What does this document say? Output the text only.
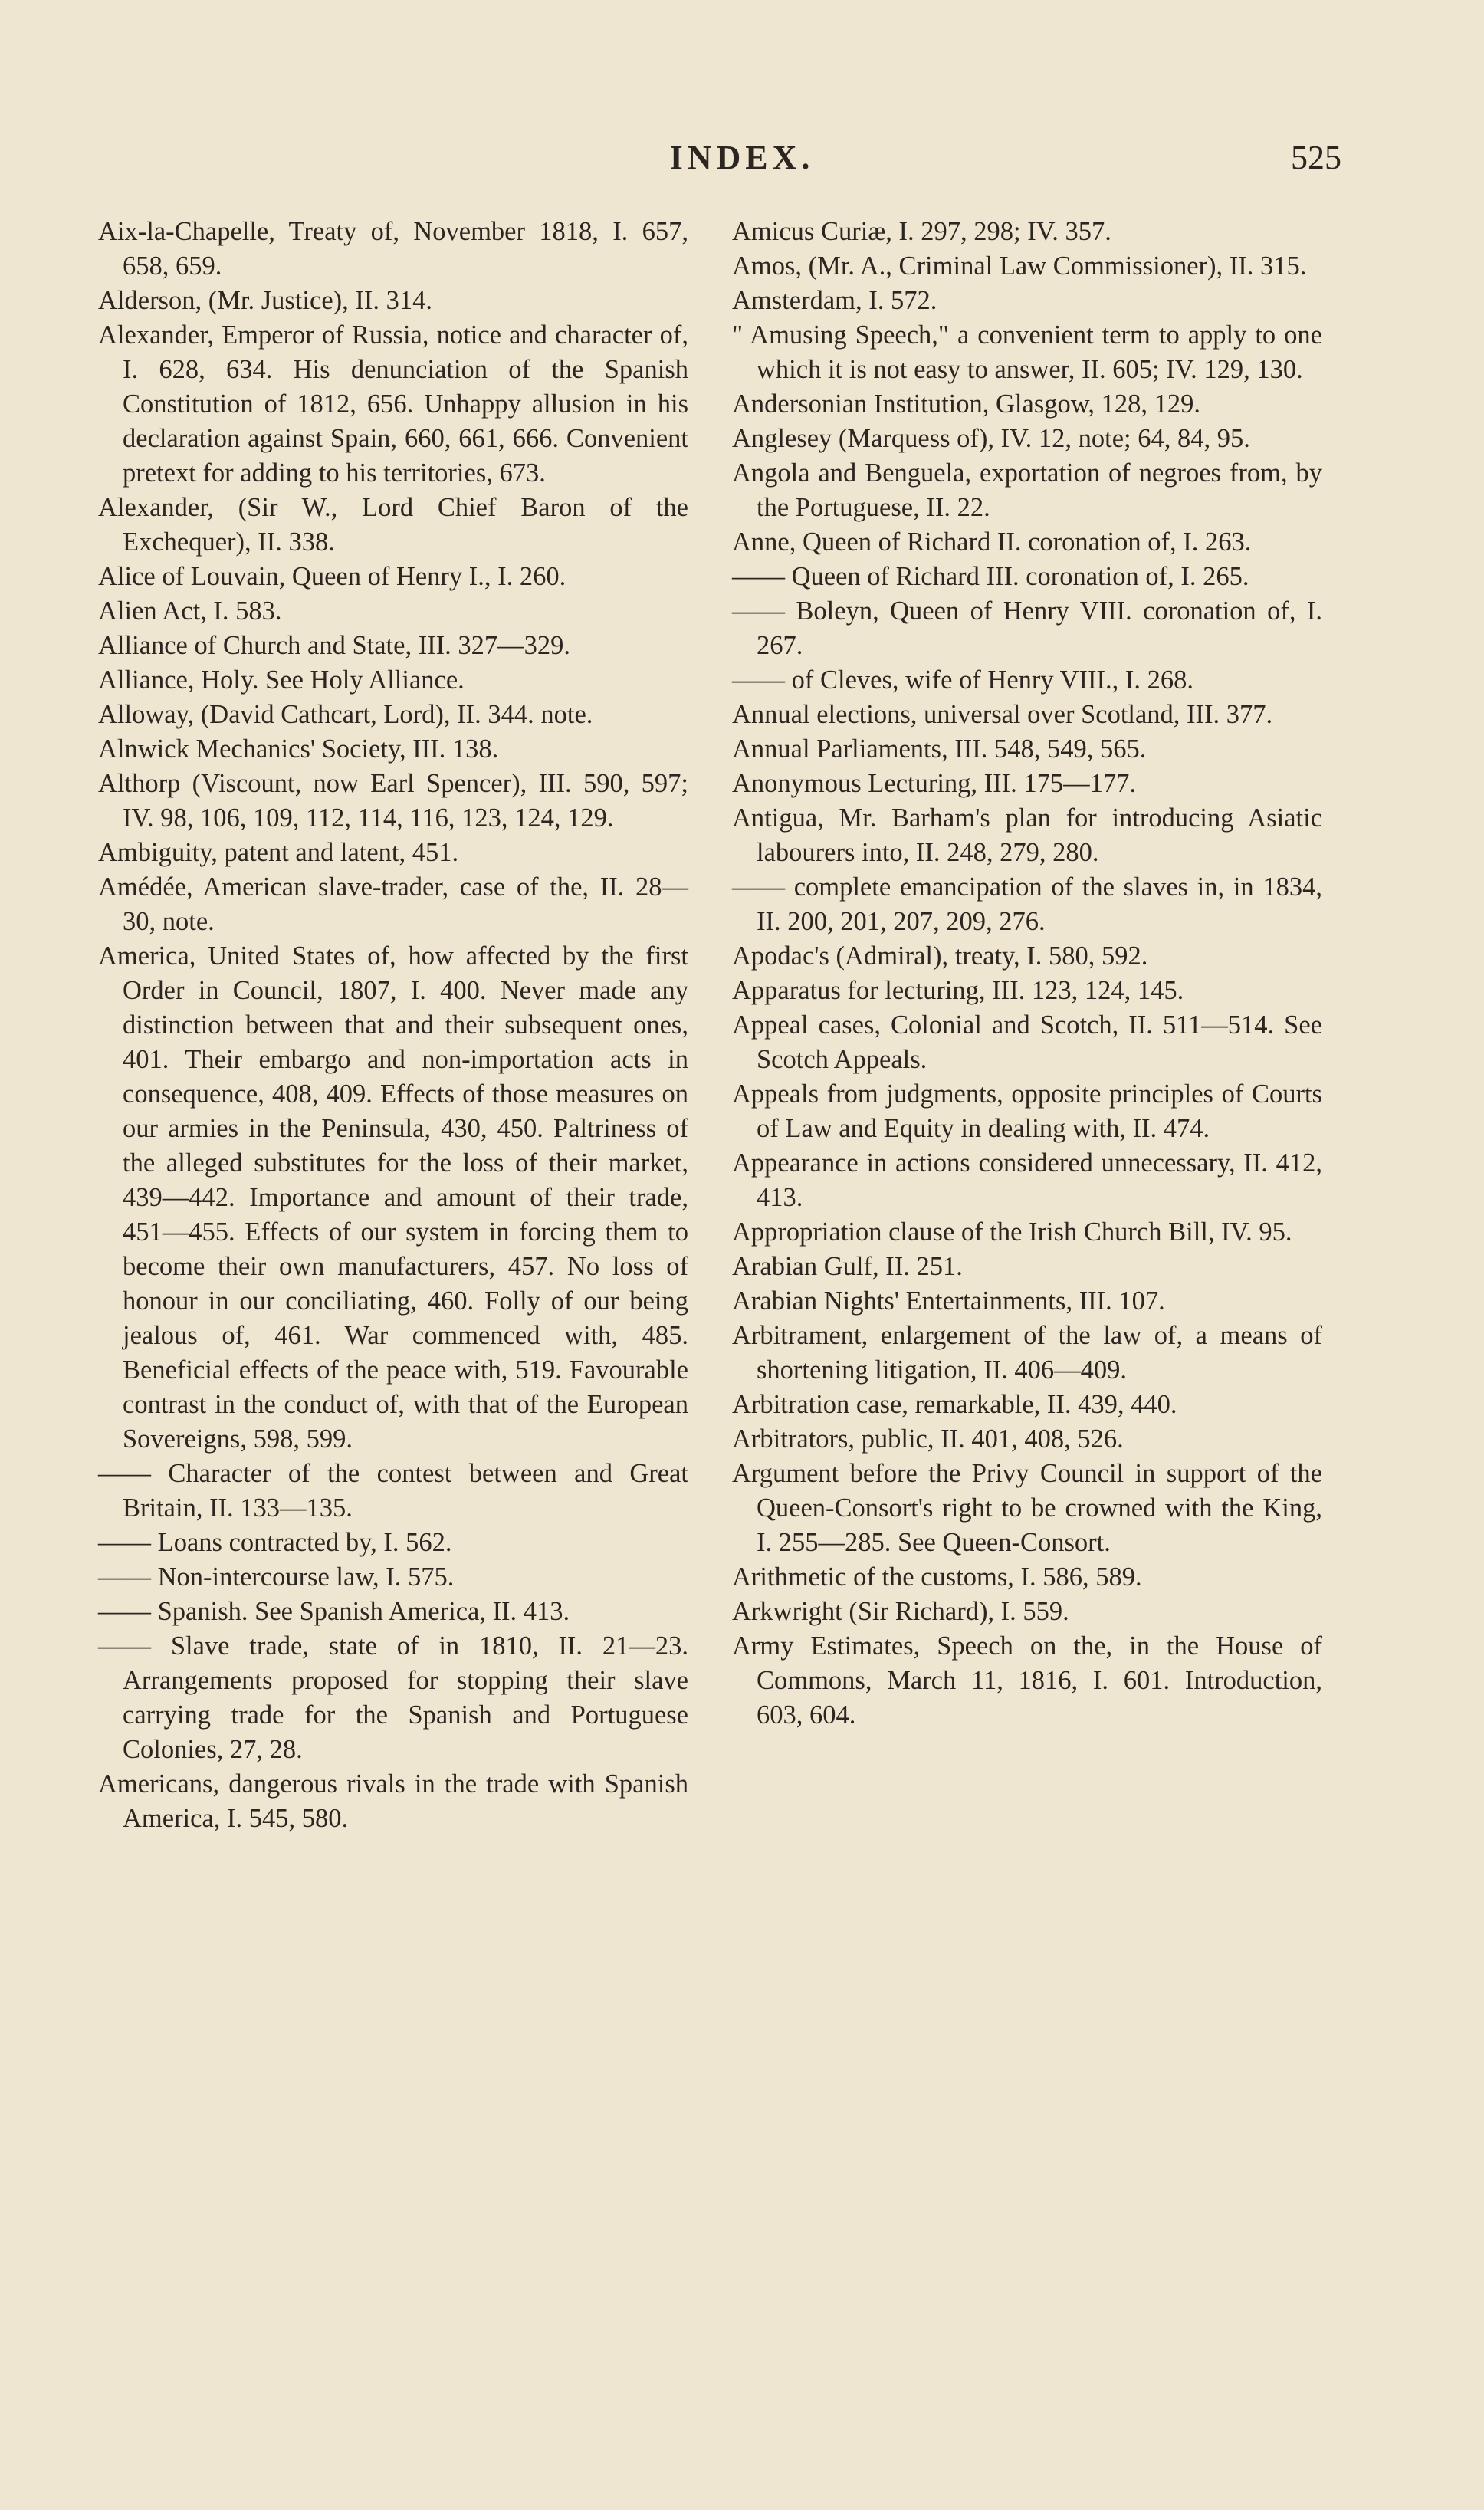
INDEX.	525

Aix-la-Chapelle, Treaty of, November 1818, I. 657, 658, 659.

Alderson, (Mr. Justice), II. 314.

Alexander, Emperor of Russia, notice and character of, I. 628, 634. His denunciation of the Spanish Constitution of 1812, 656. Unhappy allusion in his declaration against Spain, 660, 661, 666. Convenient pretext for adding to his territories, 673.

Alexander, (Sir W., Lord Chief Baron of the Exchequer), II. 338.

Alice of Louvain, Queen of Henry I., I. 260.

Alien Act, I. 583.

Alliance of Church and State, III. 327—329.

Alliance, Holy. See Holy Alliance.

Alloway, (David Cathcart, Lord), II. 344. note.

Alnwick Mechanics' Society, III. 138.

Althorp (Viscount, now Earl Spencer), III. 590, 597; IV. 98, 106, 109, 112, 114, 116, 123, 124, 129.

Ambiguity, patent and latent, 451.

Amédée, American slave-trader, case of the, II. 28—30, note.

America, United States of, how affected by the first Order in Council, 1807, I. 400. Never made any distinction between that and their subsequent ones, 401. Their embargo and non-importation acts in consequence, 408, 409. Effects of those measures on our armies in the Peninsula, 430, 450. Paltriness of the alleged substitutes for the loss of their market, 439—442. Importance and amount of their trade, 451—455. Effects of our system in forcing them to become their own manufacturers, 457. No loss of honour in our conciliating, 460. Folly of our being jealous of, 461. War commenced with, 485. Beneficial effects of the peace with, 519. Favourable contrast in the conduct of, with that of the European Sovereigns, 598, 599.

—— Character of the contest between and Great Britain, II. 133—135.

—— Loans contracted by, I. 562.

—— Non-intercourse law, I. 575.

—— Spanish. See Spanish America, II. 413.

—— Slave trade, state of in 1810, II. 21—23. Arrangements proposed for stopping their slave carrying trade for the Spanish and Portuguese Colonies, 27, 28.

Americans, dangerous rivals in the trade with Spanish America, I. 545, 580.

Amicus Curiæ, I. 297, 298; IV. 357.

Amos, (Mr. A., Criminal Law Commissioner), II. 315.

Amsterdam, I. 572.

" Amusing Speech," a convenient term to apply to one which it is not easy to answer, II. 605; IV. 129, 130.

Andersonian Institution, Glasgow, 128, 129.

Anglesey (Marquess of), IV. 12, note; 64, 84, 95.

Angola and Benguela, exportation of negroes from, by the Portuguese, II. 22.

Anne, Queen of Richard II. coronation of, I. 263.

—— Queen of Richard III. coronation of, I. 265.

—— Boleyn, Queen of Henry VIII. coronation of, I. 267.

—— of Cleves, wife of Henry VIII., I. 268.

Annual elections, universal over Scotland, III. 377.

Annual Parliaments, III. 548, 549, 565.

Anonymous Lecturing, III. 175—177.

Antigua, Mr. Barham's plan for introducing Asiatic labourers into, II. 248, 279, 280.

—— complete emancipation of the slaves in, in 1834, II. 200, 201, 207, 209, 276.

Apodac's (Admiral), treaty, I. 580, 592.

Apparatus for lecturing, III. 123, 124, 145.

Appeal cases, Colonial and Scotch, II. 511—514. See Scotch Appeals.

Appeals from judgments, opposite principles of Courts of Law and Equity in dealing with, II. 474.

Appearance in actions considered unnecessary, II. 412, 413.

Appropriation clause of the Irish Church Bill, IV. 95.

Arabian Gulf, II. 251.

Arabian Nights' Entertainments, III. 107.

Arbitrament, enlargement of the law of, a means of shortening litigation, II. 406—409.

Arbitration case, remarkable, II. 439, 440.

Arbitrators, public, II. 401, 408, 526.

Argument before the Privy Council in support of the Queen-Consort's right to be crowned with the King, I. 255—285. See Queen-Consort.

Arithmetic of the customs, I. 586, 589.

Arkwright (Sir Richard), I. 559.

Army Estimates, Speech on the, in the House of Commons, March 11, 1816, I. 601. Introduction, 603, 604.
